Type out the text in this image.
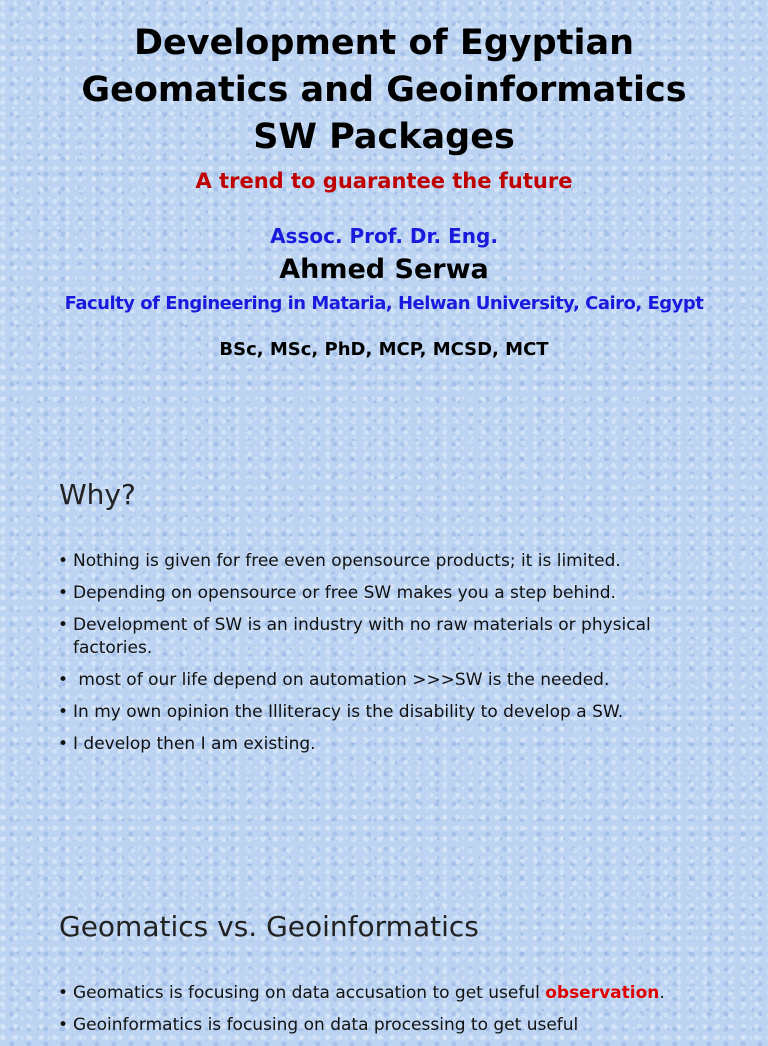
Development of Egyptian
Geomatics and Geoinformatics
SW Packages
A trend to guarantee the future
Assoc. Prof. Dr. Eng.
Ahmed Serwa
Faculty of Engineering in Mataria, Helwan University, Cairo, Egypt
BSc, MSc, PhD, MCP, MCSD, MCT
Why?
• Nothing is given for free even opensource products; it is limited.
• Depending on opensource or free SW makes you a step behind.
• Development of SW is an industry with no raw materials or physical factories.
• most of our life depend on automation >>>SW is the needed.
• In my own opinion the Illiteracy is the disability to develop a SW.
• I develop then I am existing.
Geomatics vs. Geoinformatics
• Geomatics is focusing on data accusation to get useful observation.
• Geoinformatics is focusing on data processing to get useful
